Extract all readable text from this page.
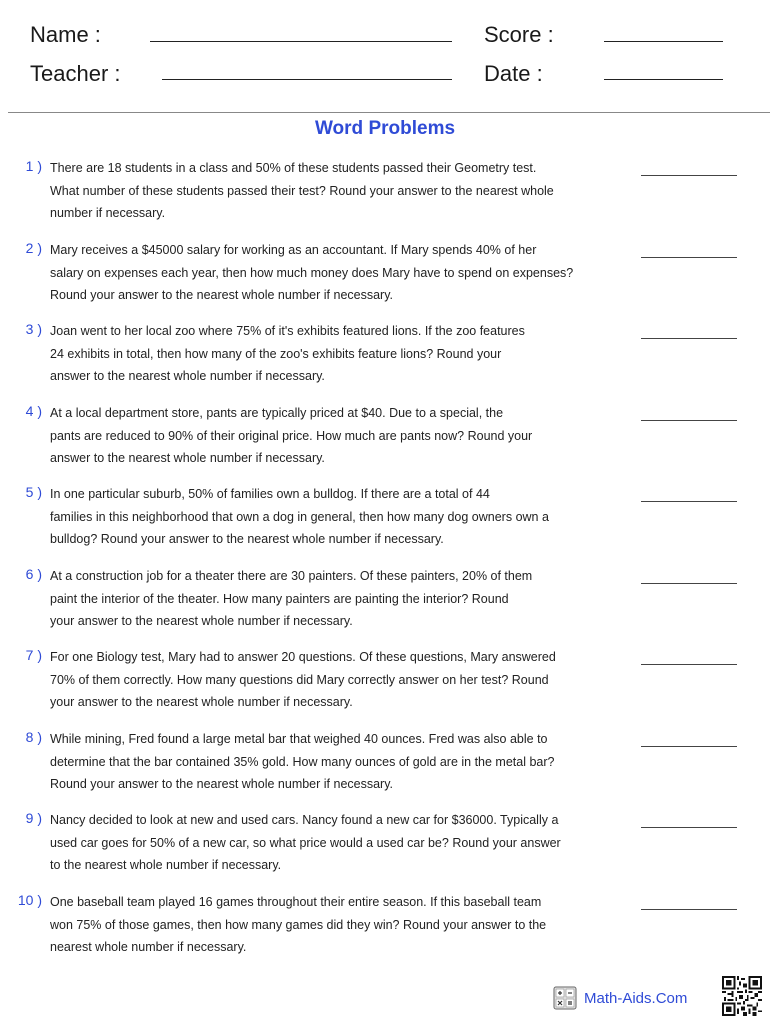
Name :
Teacher :
Score :
Date :
Word Problems
1 ) There are 18 students in a class and 50% of these students passed their Geometry test.
What number of these students passed their test? Round your answer to the nearest whole
number if necessary.
2 ) Mary receives a $45000 salary for working as an accountant. If Mary spends 40% of her
salary on expenses each year, then how much money does Mary have to spend on expenses?
Round your answer to the nearest whole number if necessary.
3 ) Joan went to her local zoo where 75% of it's exhibits featured lions. If the zoo features
24 exhibits in total, then how many of the zoo's exhibits feature lions? Round your
answer to the nearest whole number if necessary.
4 ) At a local department store, pants are typically priced at $40. Due to a special, the
pants are reduced to 90% of their original price. How much are pants now? Round your
answer to the nearest whole number if necessary.
5 ) In one particular suburb, 50% of families own a bulldog. If there are a total of 44
families in this neighborhood that own a dog in general, then how many dog owners own a
bulldog? Round your answer to the nearest whole number if necessary.
6 ) At a construction job for a theater there are 30 painters. Of these painters, 20% of them
paint the interior of the theater. How many painters are painting the interior? Round
your answer to the nearest whole number if necessary.
7 ) For one Biology test, Mary had to answer 20 questions. Of these questions, Mary answered
70% of them correctly. How many questions did Mary correctly answer on her test? Round
your answer to the nearest whole number if necessary.
8 ) While mining, Fred found a large metal bar that weighed 40 ounces. Fred was also able to
determine that the bar contained 35% gold. How many ounces of gold are in the metal bar?
Round your answer to the nearest whole number if necessary.
9 ) Nancy decided to look at new and used cars. Nancy found a new car for $36000. Typically a
used car goes for 50% of a new car, so what price would a used car be? Round your answer
to the nearest whole number if necessary.
10 ) One baseball team played 16 games throughout their entire season. If this baseball team
won 75% of those games, then how many games did they win? Round your answer to the
nearest whole number if necessary.
Math-Aids.Com
